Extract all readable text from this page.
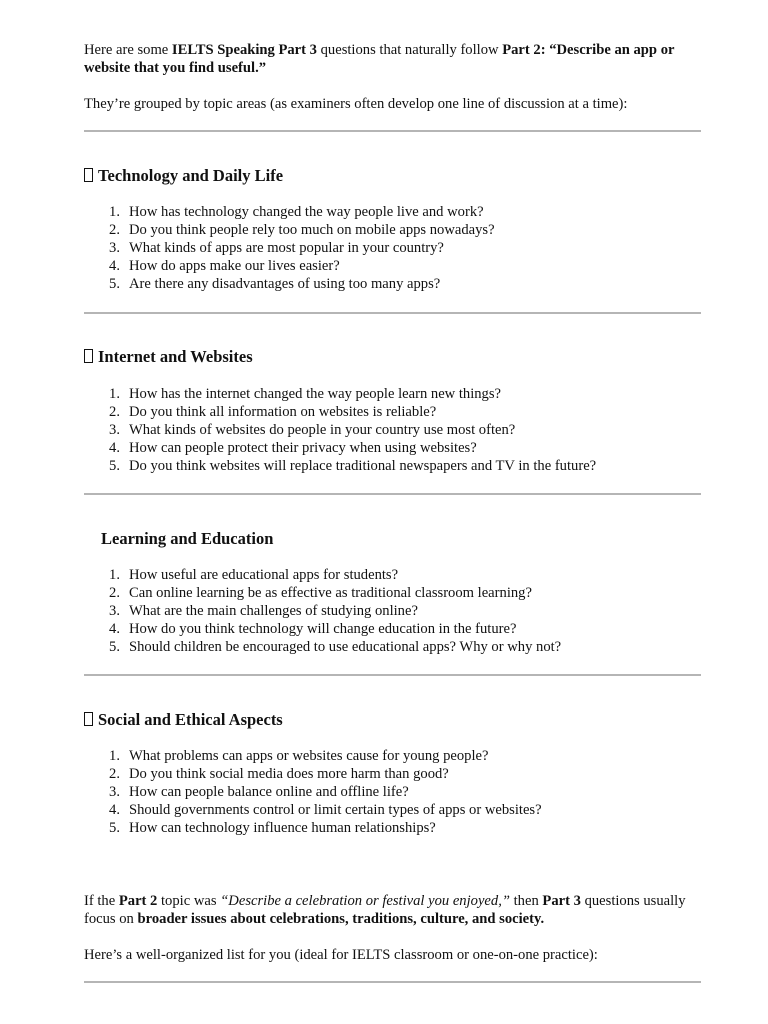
Here are some IELTS Speaking Part 3 questions that naturally follow Part 2: “Describe an app or website that you find useful.”

They’re grouped by topic areas (as examiners often develop one line of discussion at a time):

Technology and Daily Life
1. How has technology changed the way people live and work?
2. Do you think people rely too much on mobile apps nowadays?
3. What kinds of apps are most popular in your country?
4. How do apps make our lives easier?
5. Are there any disadvantages of using too many apps?
Internet and Websites
1. How has the internet changed the way people learn new things?
2. Do you think all information on websites is reliable?
3. What kinds of websites do people in your country use most often?
4. How can people protect their privacy when using websites?
5. Do you think websites will replace traditional newspapers and TV in the future?
Learning and Education
1. How useful are educational apps for students?
2. Can online learning be as effective as traditional classroom learning?
3. What are the main challenges of studying online?
4. How do you think technology will change education in the future?
5. Should children be encouraged to use educational apps? Why or why not?
Social and Ethical Aspects
1. What problems can apps or websites cause for young people?
2. Do you think social media does more harm than good?
3. How can people balance online and offline life?
4. Should governments control or limit certain types of apps or websites?
5. How can technology influence human relationships?

If the Part 2 topic was “Describe a celebration or festival you enjoyed,” then Part 3 questions usually focus on broader issues about celebrations, traditions, culture, and society.

Here’s a well-organized list for you (ideal for IELTS classroom or one-on-one practice):
